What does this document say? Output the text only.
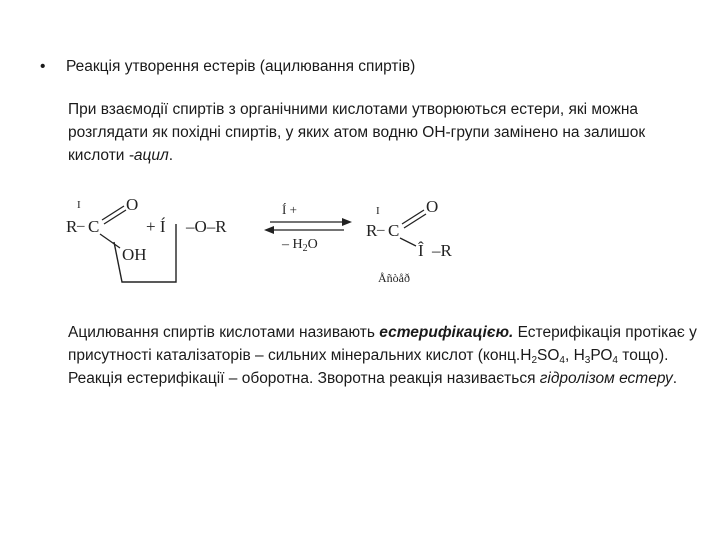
• Реакція утворення естерів (ацилювання спиртів)
При взаємодії спиртів з органічними кислотами утворюються естери, які можна розглядати як похідні спиртів, у яких атом водню ОН-групи замінено на залишок кислоти -ацил.
I
R – C
O
OH
+ Í –O–R
Í +
– $H_2O$
I
R – C
O
Î –R
Åñòåð
Ацилювання спиртів кислотами називають естерифікацією. Естерифікація протікає у присутності каталізаторів – сильних мінеральних кислот ($конц.Н_2SO_4$, $Н_3РО_4$ тощо). Реакція естерифікації – оборотна. Зворотна реакція називається гідролізом естеру.
